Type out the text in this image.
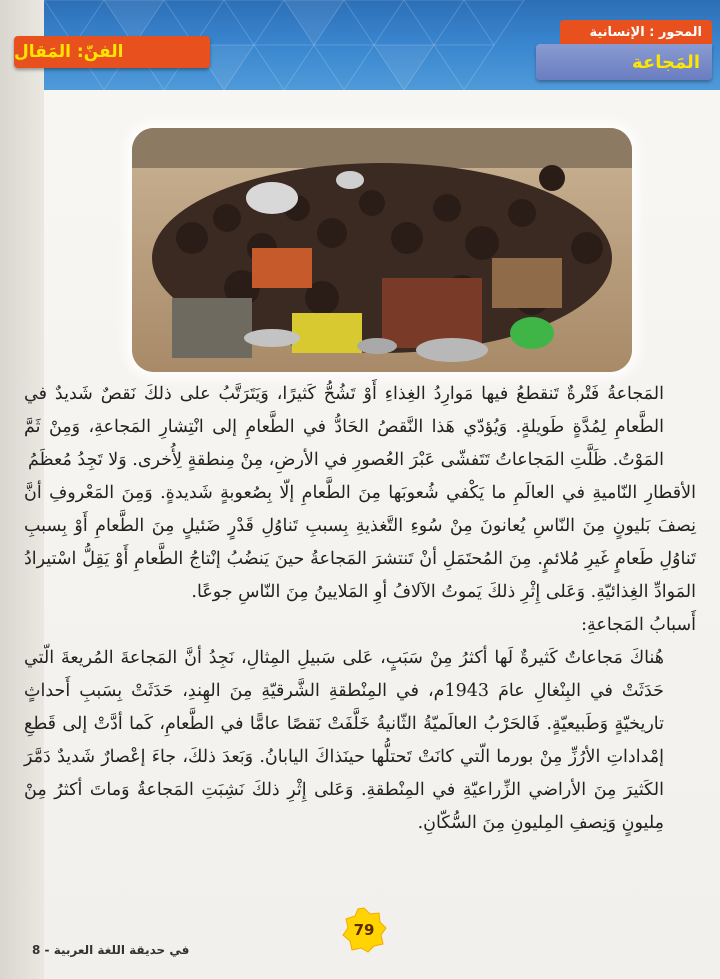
الفنّ: المَقال
المحور : الإنسانية
المَجاعة

المَجاعةُ فَتْرةٌ تَنقطعُ فيها مَوارِدُ الغِذاءِ أَوْ تَشُحُّ كَثيرًا، وَيَتَرَتَّبُ على ذلكَ نَقصٌ شَديدٌ في الطَّعامِ لِمُدَّةٍ طَويلةٍ. وَيُؤدّي هَذا النَّقصُ الحَادُّ في الطَّعامِ إلى انْتِشارِ المَجاعةِ، وَمِنْ ثَمَّ المَوْتُ. ظَلَّتِ المَجاعاتُ تَتَفشّى عَبْرَ العُصورِ في الأرضِ، مِنْ مِنطقةٍ لِأُخرى. وَلا تَجِدُ مُعظَمُ

الأقطارِ النّاميةِ في العالَمِ ما يَكْفي شُعوبَها مِنَ الطَّعامِ إلّا بِصُعوبةٍ شَديدةٍ. وَمِنَ المَعْروفِ أنَّ نِصفَ بَليونٍ مِنَ النّاسِ يُعانونَ مِنْ سُوءِ التَّغذيةِ بِسببِ تَناوُلِ قَدْرٍ ضَئيلٍ مِنَ الطَّعامِ أَوْ بِسببِ تَناوُلِ طَعامٍ غَيرِ مُلائمٍ. مِنَ المُحتَمَلِ أنْ تَنتشرَ المَجاعةُ حينَ يَنضُبُ إنْتاجُ الطَّعامِ أَوْ يَقِلُّ اسْتيرادُ المَوادِّ الغِذائيّةِ. وَعَلى إِثْرِ ذلكَ يَموتُ الآلافُ أوِ المَلايينُ مِنَ النّاسِ جوعًا.

أَسبابُ المَجاعةِ:

هُناكَ مَجاعاتٌ كَثيرةٌ لَها أكثرُ مِنْ سَبَبٍ، عَلى سَبيلِ المِثالِ، نَجِدُ أنَّ المَجاعةَ المُريعةَ الّتي حَدَثَتْ في البِنْغالِ عامَ 1943م، في المِنْطقةِ الشَّرقيّةِ مِنَ الهِندِ، حَدَثَتْ بِسَببِ أَحداثٍ تاريخيّةٍ وَطَبيعيّةٍ. فَالحَرْبُ العالَميّةُ الثّانيةُ خَلَّفَتْ نَقصًا عامًّا في الطَّعامِ، كَما أدَّتْ إلى قَطعِ إمْداداتِ الأرُزِّ مِنْ بورما الّتي كانَتْ تَحتلُّها حينَذاكَ اليابانُ. وَبَعدَ ذلكَ، جاءَ إعْصارٌ شَديدٌ دَمَّرَ الكَثيرَ مِنَ الأراضي الزِّراعيّةِ في المِنْطقةِ. وَعَلى إِثْرِ ذلكَ نَشِبَتِ المَجاعةُ وَماتَ أكثرُ مِنْ مِليونٍ وَنِصفِ المِليونِ مِنَ السُّكّانِ.

79
في حديقة اللغة العربية - 8
